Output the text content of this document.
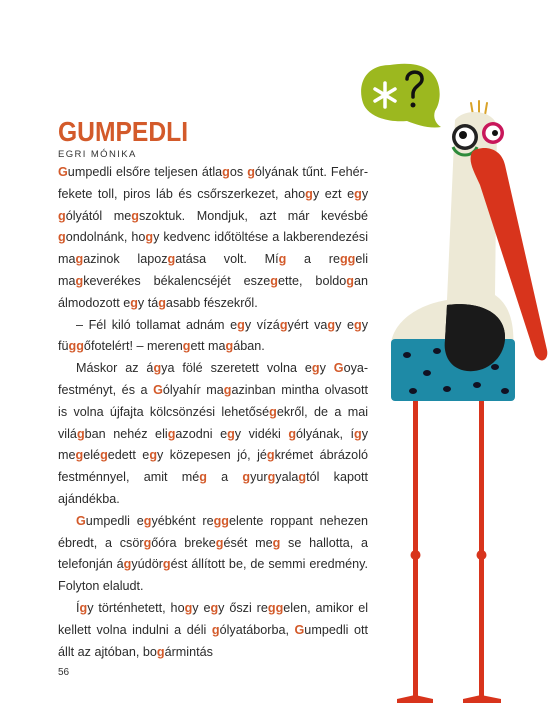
GUMPEDLI
EGRI MÓNIKA

Gumpedli elsőre teljesen átlagos gólyának tűnt. Fehér-fekete toll, piros láb és csőrszerkezet, ahogy ezt egy gólyától megszoktuk. Mondjuk, azt már kevésbé gondolnánk, hogy kedvenc időtöltése a lakberendezési magazinok lapozgatása volt. Míg a reggeli magkeverékes békalencséjét eszegette, boldogan álmodozott egy tágasabb fészekről.

– Fél kiló tollamat adnám egy vízágyért vagy egy függőfotelért! – merengett magában.

Máskor az ágya fölé szeretett volna egy Goya-festményt, és a Gólyahír magazinban mintha olvasott is volna újfajta kölcsönzési lehetőségekről, de a mai világban nehéz eligazodni egy vidéki gólyának, így megelégedett egy közepesen jó, jégkrémet ábrázoló festménnyel, amit még a gyurgyalagtól kapott ajándékba.

Gumpedli egyébként reggelente roppant nehezen ébredt, a csörgőóra brekegését meg se hallotta, a telefonján ágyúdörgést állított be, de semmi eredmény. Folyton elaludt.

Így történhetett, hogy egy őszi reggelen, amikor el kellett volna indulni a déli gólyatáborba, Gumpedli ott állt az ajtóban, bogármintás

56
